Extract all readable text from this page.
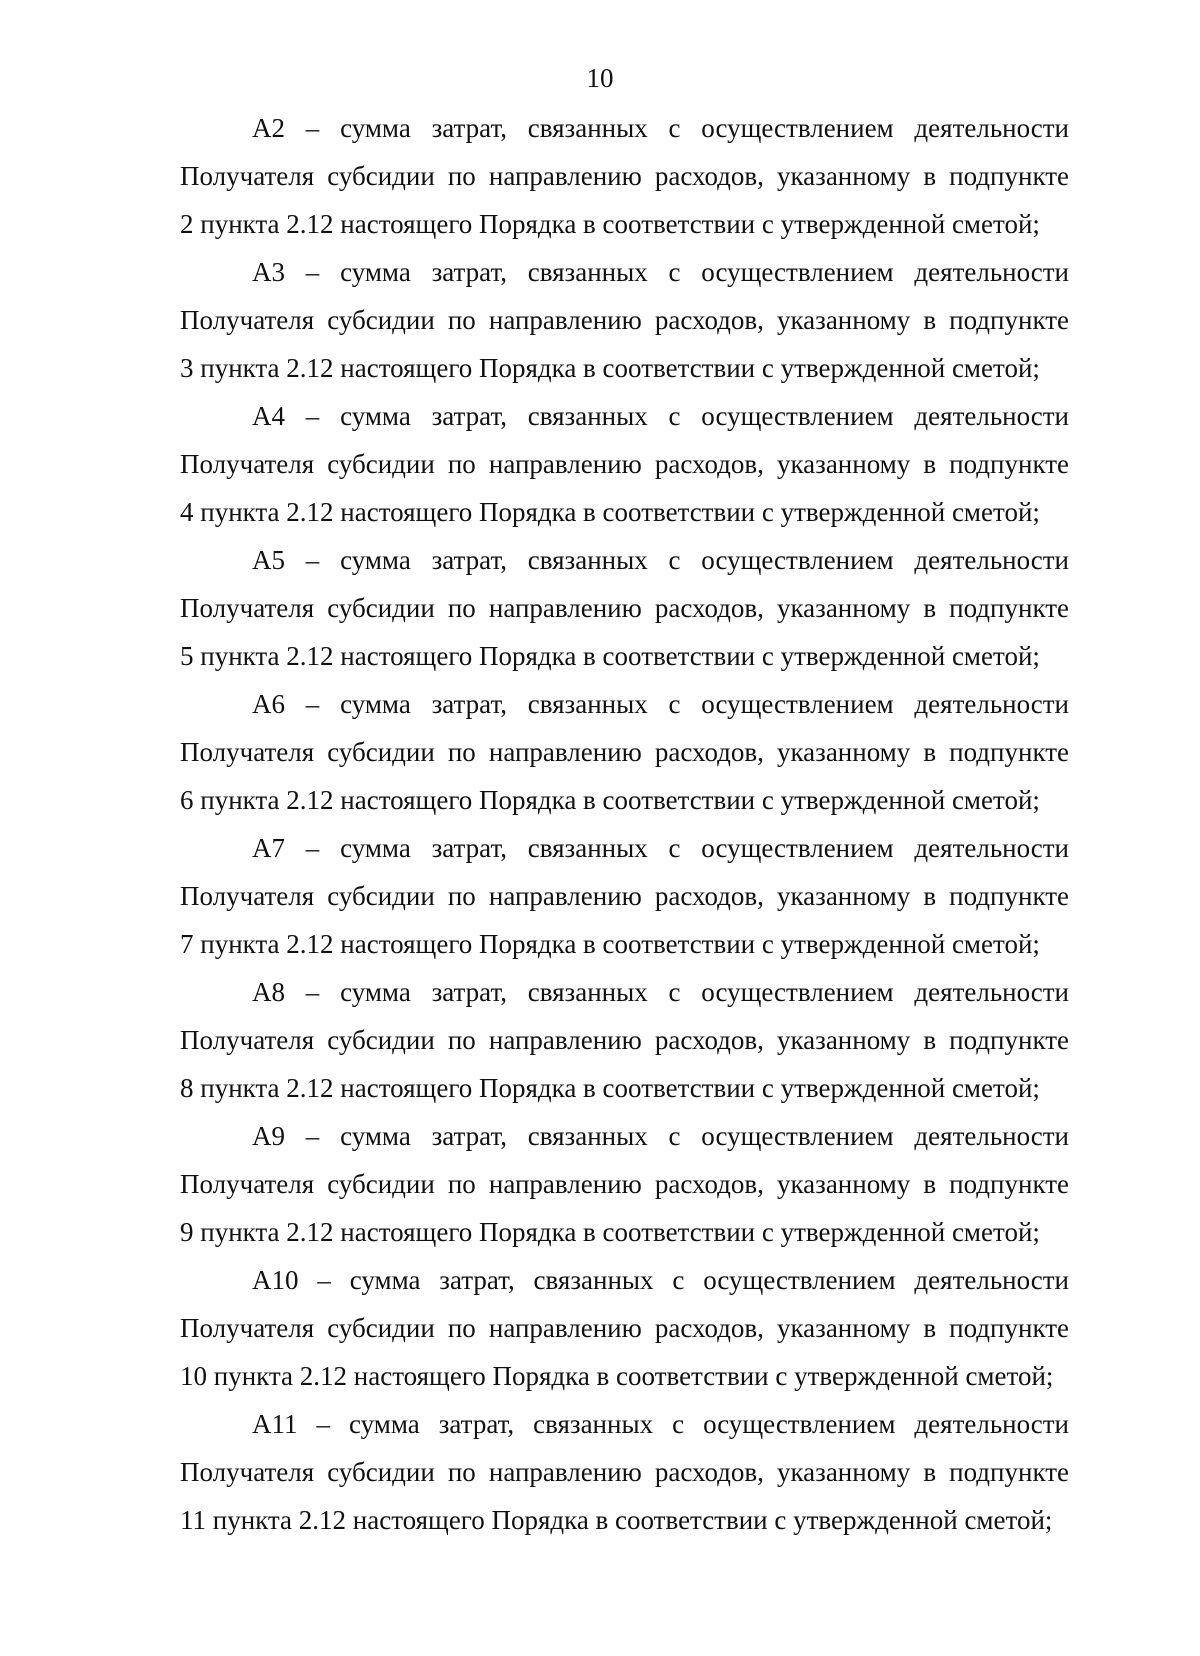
10
А2 – сумма затрат, связанных с осуществлением деятельности
Получателя субсидии по направлению расходов, указанному в подпункте
2 пункта 2.12 настоящего Порядка в соответствии с утвержденной сметой;
А3 – сумма затрат, связанных с осуществлением деятельности
Получателя субсидии по направлению расходов, указанному в подпункте
3 пункта 2.12 настоящего Порядка в соответствии с утвержденной сметой;
А4 – сумма затрат, связанных с осуществлением деятельности
Получателя субсидии по направлению расходов, указанному в подпункте
4 пункта 2.12 настоящего Порядка в соответствии с утвержденной сметой;
А5 – сумма затрат, связанных с осуществлением деятельности
Получателя субсидии по направлению расходов, указанному в подпункте
5 пункта 2.12 настоящего Порядка в соответствии с утвержденной сметой;
А6 – сумма затрат, связанных с осуществлением деятельности
Получателя субсидии по направлению расходов, указанному в подпункте
6 пункта 2.12 настоящего Порядка в соответствии с утвержденной сметой;
А7 – сумма затрат, связанных с осуществлением деятельности
Получателя субсидии по направлению расходов, указанному в подпункте
7 пункта 2.12 настоящего Порядка в соответствии с утвержденной сметой;
А8 – сумма затрат, связанных с осуществлением деятельности
Получателя субсидии по направлению расходов, указанному в подпункте
8 пункта 2.12 настоящего Порядка в соответствии с утвержденной сметой;
А9 – сумма затрат, связанных с осуществлением деятельности
Получателя субсидии по направлению расходов, указанному в подпункте
9 пункта 2.12 настоящего Порядка в соответствии с утвержденной сметой;
А10 – сумма затрат, связанных с осуществлением деятельности
Получателя субсидии по направлению расходов, указанному в подпункте
10 пункта 2.12 настоящего Порядка в соответствии с утвержденной сметой;
А11 – сумма затрат, связанных с осуществлением деятельности
Получателя субсидии по направлению расходов, указанному в подпункте
11 пункта 2.12 настоящего Порядка в соответствии с утвержденной сметой;
